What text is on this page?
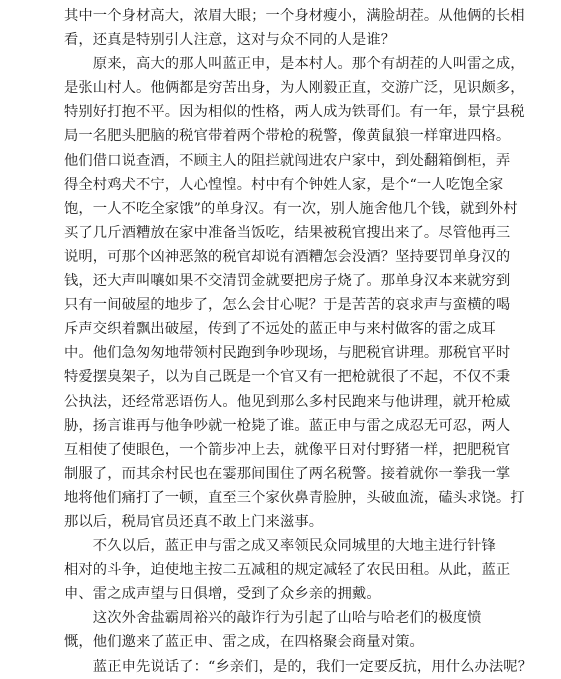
其中一个身材高大，浓眉大眼；一个身材瘦小，满脸胡茬。从他俩的长相
看，还真是特别引人注意，这对与众不同的人是谁？
　　原来，高大的那人叫蓝正申，是本村人。那个有胡茬的人叫雷之成，
是张山村人。他俩都是穷苦出身，为人刚毅正直，交游广泛，见识颇多，
特别好打抱不平。因为相似的性格，两人成为铁哥们。有一年，景宁县税
局一名肥头肥脑的税官带着两个带枪的税警，像黄鼠狼一样窜进四格。
他们借口说查酒，不顾主人的阻拦就闯进农户家中，到处翻箱倒柜，弄
得全村鸡犬不宁，人心惶惶。村中有个钟姓人家，是个“一人吃饱全家
饱，一人不吃全家饿”的单身汉。有一次，别人施舍他几个钱，就到外村
买了几斤酒糟放在家中准备当饭吃，结果被税官搜出来了。尽管他再三
说明，可那个凶神恶煞的税官却说有酒糟怎会没酒？坚持要罚单身汉的
钱，还大声叫嚷如果不交清罚金就要把房子烧了。那单身汉本来就穷到
只有一间破屋的地步了，怎么会甘心呢？于是苦苦的哀求声与蛮横的喝
斥声交织着飘出破屋，传到了不远处的蓝正申与来村做客的雷之成耳
中。他们急匆匆地带领村民跑到争吵现场，与肥税官讲理。那税官平时
特爱摆臭架子，以为自己既是一个官又有一把枪就很了不起，不仅不秉
公执法，还经常恶语伤人。他见到那么多村民跑来与他讲理，就开枪威
胁，扬言谁再与他争吵就一枪毙了谁。蓝正申与雷之成忍无可忍，两人
互相使了使眼色，一个箭步冲上去，就像平日对付野猪一样，把肥税官
制服了，而其余村民也在霎那间围住了两名税警。接着就你一拳我一掌
地将他们痛打了一顿，直至三个家伙鼻青脸肿，头破血流，磕头求饶。打
那以后，税局官员还真不敢上门来滋事。
　　不久以后，蓝正申与雷之成又率领民众同城里的大地主进行针锋
相对的斗争，迫使地主按二五减租的规定减轻了农民田租。从此，蓝正
申、雷之成声望与日俱增，受到了众乡亲的拥戴。
　　这次外舍盐霸周裕兴的敲诈行为引起了山哈与哈老们的极度愤
慨，他们邀来了蓝正申、雷之成，在四格聚会商量对策。
　　蓝正申先说话了：“乡亲们，是的，我们一定要反抗，用什么办法呢？
